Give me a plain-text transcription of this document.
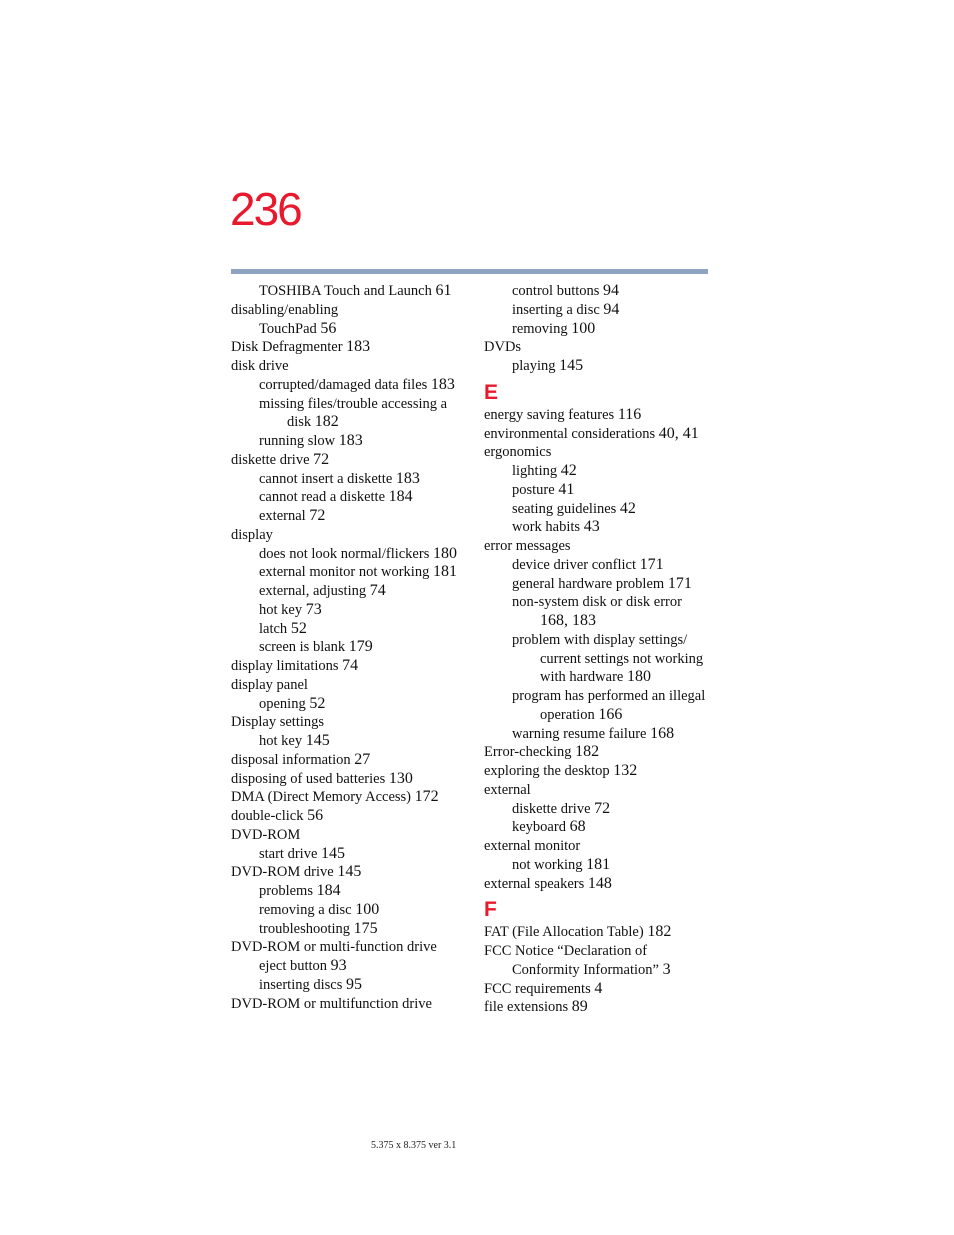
236
TOSHIBA Touch and Launch 61
disabling/enabling
TouchPad 56
Disk Defragmenter 183
disk drive
corrupted/damaged data files 183
missing files/trouble accessing a
disk 182
running slow 183
diskette drive 72
cannot insert a diskette 183
cannot read a diskette 184
external 72
display
does not look normal/flickers 180
external monitor not working 181
external, adjusting 74
hot key 73
latch 52
screen is blank 179
display limitations 74
display panel
opening 52
Display settings
hot key 145
disposal information 27
disposing of used batteries 130
DMA (Direct Memory Access) 172
double-click 56
DVD-ROM
start drive 145
DVD-ROM drive 145
problems 184
removing a disc 100
troubleshooting 175
DVD-ROM or multi-function drive
eject button 93
inserting discs 95
DVD-ROM or multifunction drive
control buttons 94
inserting a disc 94
removing 100
DVDs
playing 145
E
energy saving features 116
environmental considerations 40, 41
ergonomics
lighting 42
posture 41
seating guidelines 42
work habits 43
error messages
device driver conflict 171
general hardware problem 171
non-system disk or disk error
168, 183
problem with display settings/
current settings not working
with hardware 180
program has performed an illegal
operation 166
warning resume failure 168
Error-checking 182
exploring the desktop 132
external
diskette drive 72
keyboard 68
external monitor
not working 181
external speakers 148
F
FAT (File Allocation Table) 182
FCC Notice “Declaration of
Conformity Information” 3
FCC requirements 4
file extensions 89
5.375 x 8.375 ver 3.1
